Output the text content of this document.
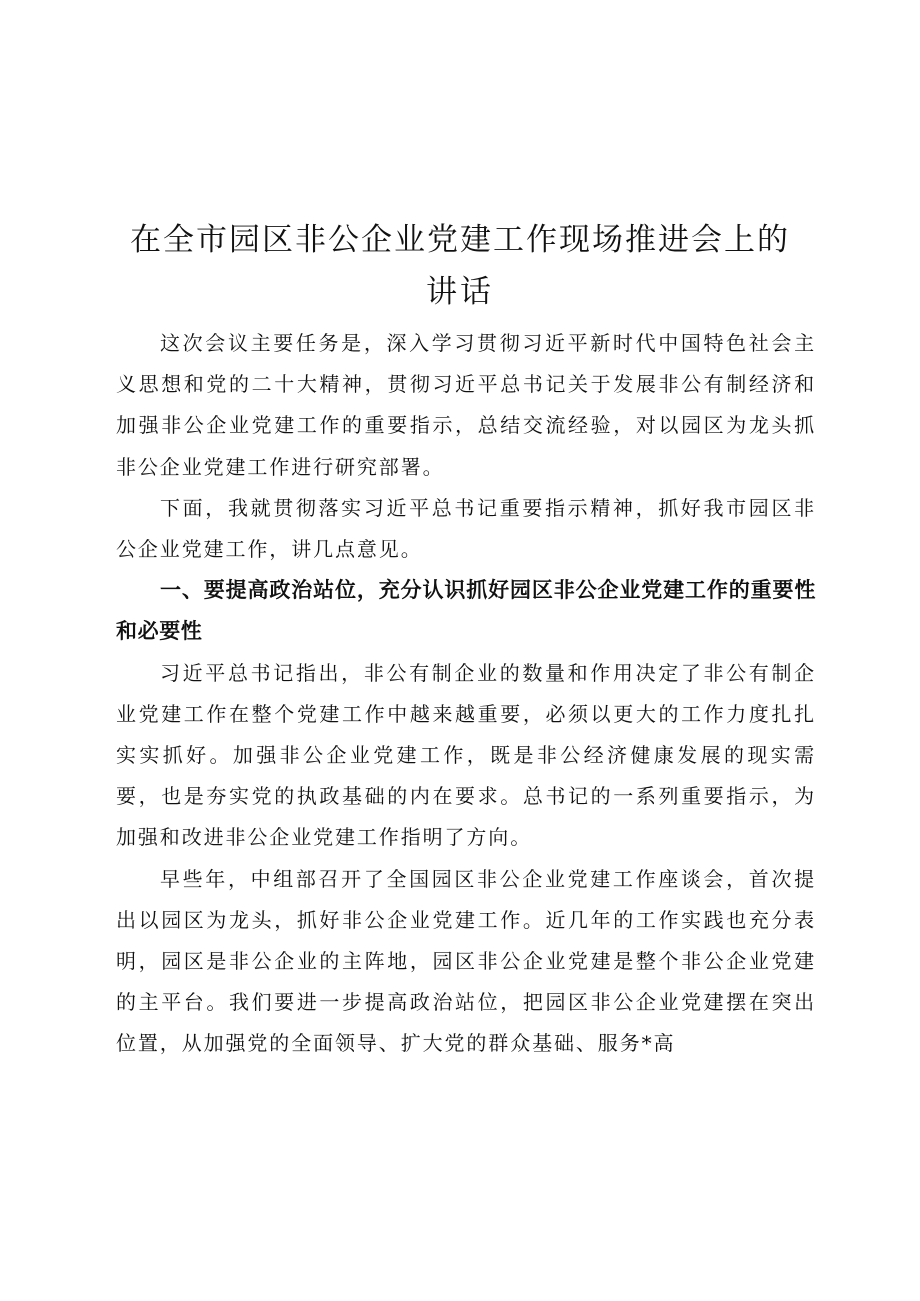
在全市园区非公企业党建工作现场推进会上的
讲话

这次会议主要任务是，深入学习贯彻习近平新时代中国特色社会主义思想和党的二十大精神，贯彻习近平总书记关于发展非公有制经济和加强非公企业党建工作的重要指示，总结交流经验，对以园区为龙头抓非公企业党建工作进行研究部署。

下面，我就贯彻落实习近平总书记重要指示精神，抓好我市园区非公企业党建工作，讲几点意见。

一、要提高政治站位，充分认识抓好园区非公企业党建工作的重要性和必要性

习近平总书记指出，非公有制企业的数量和作用决定了非公有制企业党建工作在整个党建工作中越来越重要，必须以更大的工作力度扎扎实实抓好。加强非公企业党建工作，既是非公经济健康发展的现实需要，也是夯实党的执政基础的内在要求。总书记的一系列重要指示，为加强和改进非公企业党建工作指明了方向。

早些年，中组部召开了全国园区非公企业党建工作座谈会，首次提出以园区为龙头，抓好非公企业党建工作。近几年的工作实践也充分表明，园区是非公企业的主阵地，园区非公企业党建是整个非公企业党建的主平台。我们要进一步提高政治站位，把园区非公企业党建摆在突出位置，从加强党的全面领导、扩大党的群众基础、服务*高
